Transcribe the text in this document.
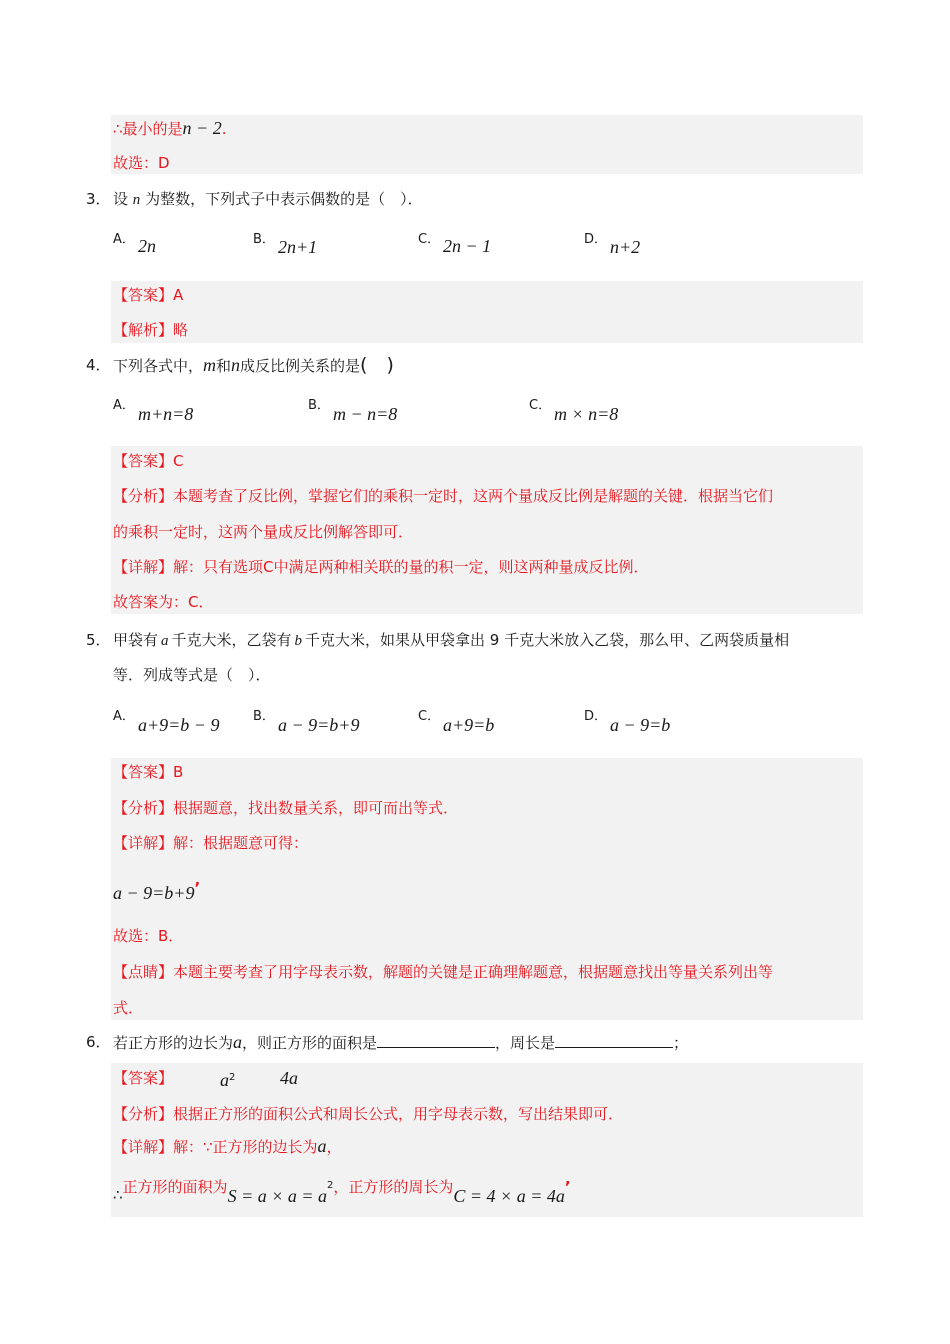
∴最小的是n − 2.
故选：D
3． 设 n 为整数，下列式子中表示偶数的是（　）．
A． 2n	B． 2n+1	C． 2n − 1	D． n+2
【答案】A
【解析】略
4． 下列各式中，m和n成反比例关系的是(　)
A． m+n=8	B． m − n=8	C． m × n=8
【答案】C
【分析】本题考查了反比例，掌握它们的乘积一定时，这两个量成反比例是解题的关键．根据当它们
的乘积一定时，这两个量成反比例解答即可．
【详解】解：只有选项C中满足两种相关联的量的积一定，则这两种量成反比例．
故答案为：C．
5． 甲袋有 a 千克大米，乙袋有 b 千克大米，如果从甲袋拿出 9 千克大米放入乙袋，那么甲、乙两袋质量相
等．列成等式是（　）．
A． a+9=b − 9	B． a − 9=b+9	C． a+9=b	D． a − 9=b
【答案】B
【分析】根据题意，找出数量关系，即可而出等式．
【详解】解：根据题意可得：
a − 9=b+9’
故选：B．
【点睛】本题主要考查了用字母表示数，解题的关键是正确理解题意，根据题意找出等量关系列出等
式．
6． 若正方形的边长为a，则正方形的面积是	，周长是	；
【答案】	$a^2$ 4a
【分析】根据正方形的面积公式和周长公式，用字母表示数，写出结果即可．
【详解】解：∵正方形的边长为a，
∴正方形的面积为$S = a \times a = a^2$，正方形的周长为C = 4 × a = 4a’
